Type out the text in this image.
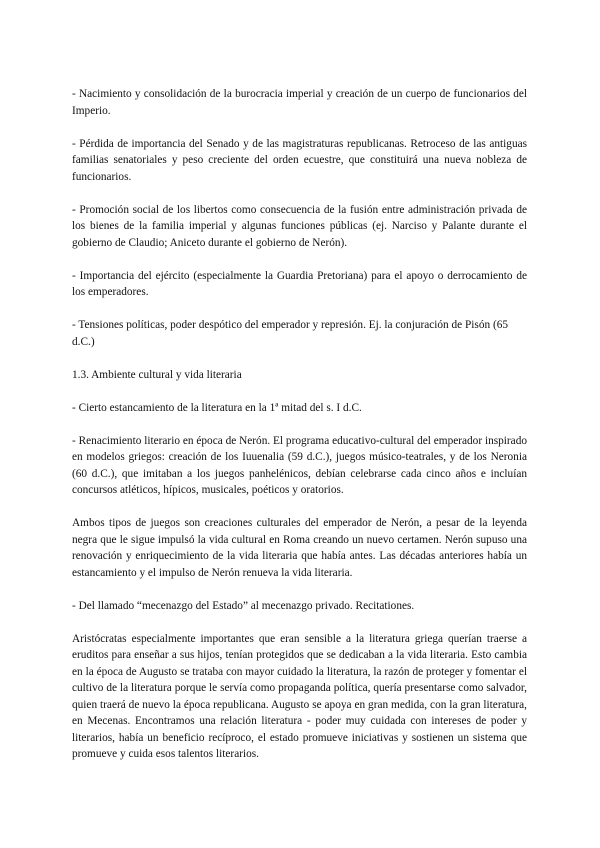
- Nacimiento y consolidación de la burocracia imperial y creación de un cuerpo de funcionarios del Imperio.

- Pérdida de importancia del Senado y de las magistraturas republicanas. Retroceso de las antiguas familias senatoriales y peso creciente del orden ecuestre, que constituirá una nueva nobleza de funcionarios.

- Promoción social de los libertos como consecuencia de la fusión entre administración privada de los bienes de la familia imperial y algunas funciones públicas (ej. Narciso y Palante durante el gobierno de Claudio; Aniceto durante el gobierno de Nerón).

- Importancia del ejército (especialmente la Guardia Pretoriana) para el apoyo o derrocamiento de los emperadores.

- Tensiones políticas, poder despótico del emperador y represión. Ej. la conjuración de Pisón (65 d.C.)

1.3. Ambiente cultural y vida literaria

- Cierto estancamiento de la literatura en la 1ª mitad del s. I d.C.

- Renacimiento literario en época de Nerón. El programa educativo-cultural del emperador inspirado en modelos griegos: creación de los Iuuenalia (59 d.C.), juegos músico-teatrales, y de los Neronia (60 d.C.), que imitaban a los juegos panhelénicos, debían celebrarse cada cinco años e incluían concursos atléticos, hípicos, musicales, poéticos y oratorios.

Ambos tipos de juegos son creaciones culturales del emperador de Nerón, a pesar de la leyenda negra que le sigue impulsó la vida cultural en Roma creando un nuevo certamen. Nerón supuso una renovación y enriquecimiento de la vida literaria que había antes. Las décadas anteriores había un estancamiento y el impulso de Nerón renueva la vida literaria.

- Del llamado “mecenazgo del Estado” al mecenazgo privado. Recitationes.

Aristócratas especialmente importantes que eran sensible a la literatura griega querían traerse a eruditos para enseñar a sus hijos, tenían protegidos que se dedicaban a la vida literaria. Esto cambia en la época de Augusto se trataba con mayor cuidado la literatura, la razón de proteger y fomentar el cultivo de la literatura porque le servía como propaganda política, quería presentarse como salvador, quien traerá de nuevo la época republicana. Augusto se apoya en gran medida, con la gran literatura, en Mecenas. Encontramos una relación literatura - poder muy cuidada con intereses de poder y literarios, había un beneficio recíproco, el estado promueve iniciativas y sostienen un sistema que promueve y cuida esos talentos literarios.
